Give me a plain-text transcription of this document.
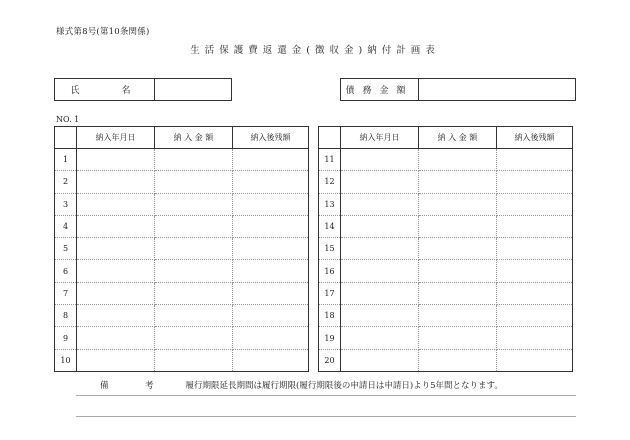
様式第8号(第10条関係)
生活保護費返還金(徴収金)納付計画表
氏　　名	債務金額
NO. 1
	納入年月日	納 入 金 額	納入後残額
1			
2			
3			
4			
5			
6			
7			
8			
9			
10			
	納入年月日	納 入 金 額	納入後残額
11			
12			
13			
14			
15			
16			
17			
18			
19			
20			
備　考 履行期限延長期間は履行期限(履行期限後の申請日は申請日)より5年間となります。
